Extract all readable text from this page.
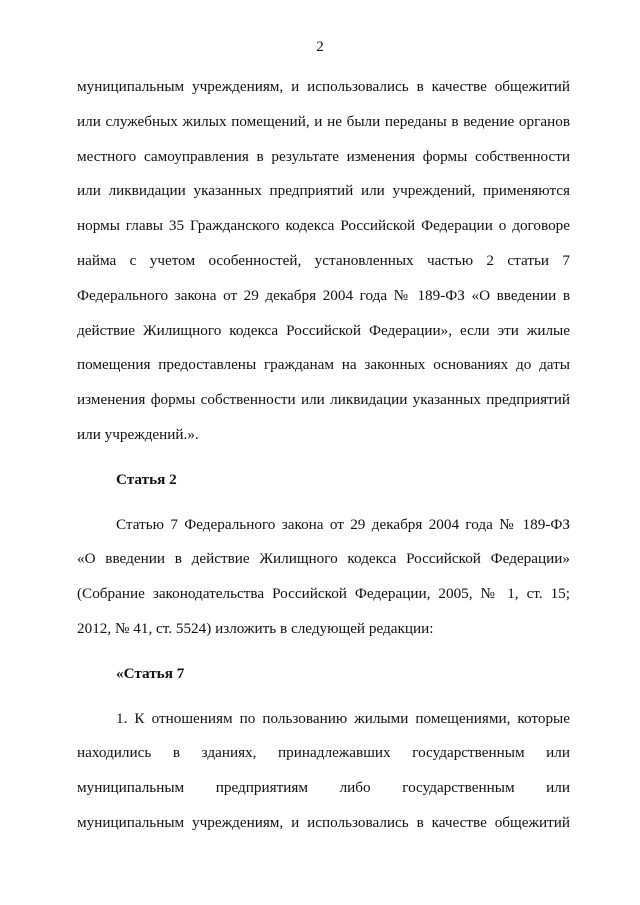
2
муниципальным учреждениям, и использовались в качестве общежитий
или служебных жилых помещений, и не были переданы в ведение органов
местного самоуправления в результате изменения формы собственности
или ликвидации указанных предприятий или учреждений, применяются
нормы главы 35 Гражданского кодекса Российской Федерации о договоре
найма с учетом особенностей, установленных частью 2 статьи 7
Федерального закона от 29 декабря 2004 года № 189-ФЗ «О введении в
действие Жилищного кодекса Российской Федерации», если эти жилые
помещения предоставлены гражданам на законных основаниях до даты
изменения формы собственности или ликвидации указанных предприятий
или учреждений.».
Статья 2
Статью 7 Федерального закона от 29 декабря 2004 года № 189-ФЗ
«О введении в действие Жилищного кодекса Российской Федерации»
(Собрание законодательства Российской Федерации, 2005, № 1, ст. 15;
2012, № 41, ст. 5524) изложить в следующей редакции:
«Статья 7
1. К отношениям по пользованию жилыми помещениями, которые
находились в зданиях, принадлежавших государственным или
муниципальным предприятиям либо государственным или
муниципальным учреждениям, и использовались в качестве общежитий
